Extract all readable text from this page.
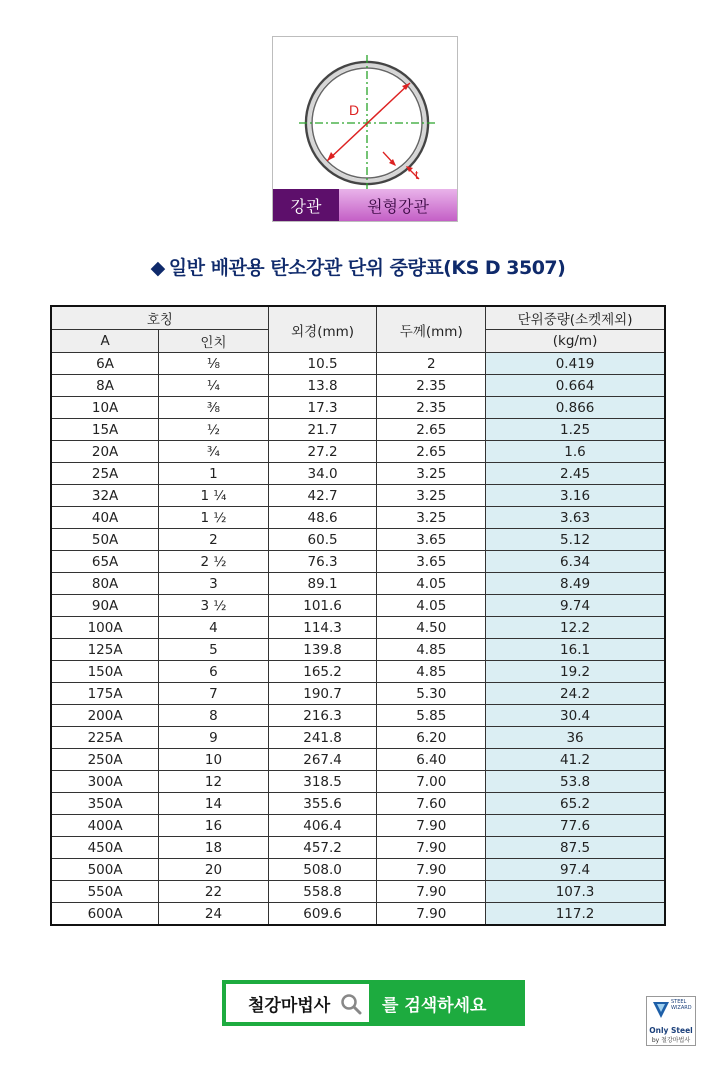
D
t
강관	원형강관
◆ 일반 배관용 탄소강관 단위 중량표(KS D 3507)
호칭		외경(mm)	두께(mm)	단위중량(소켓제외)
A	인치			(kg/m)
6A	⅛	10.5	2	0.419
8A	¼	13.8	2.35	0.664
10A	⅜	17.3	2.35	0.866
15A	½	21.7	2.65	1.25
20A	¾	27.2	2.65	1.6
25A	1	34.0	3.25	2.45
32A	1 ¼	42.7	3.25	3.16
40A	1 ½	48.6	3.25	3.63
50A	2	60.5	3.65	5.12
65A	2 ½	76.3	3.65	6.34
80A	3	89.1	4.05	8.49
90A	3 ½	101.6	4.05	9.74
100A	4	114.3	4.50	12.2
125A	5	139.8	4.85	16.1
150A	6	165.2	4.85	19.2
175A	7	190.7	5.30	24.2
200A	8	216.3	5.85	30.4
225A	9	241.8	6.20	36
250A	10	267.4	6.40	41.2
300A	12	318.5	7.00	53.8
350A	14	355.6	7.60	65.2
400A	16	406.4	7.90	77.6
450A	18	457.2	7.90	87.5
500A	20	508.0	7.90	97.4
550A	22	558.8	7.90	107.3
600A	24	609.6	7.90	117.2
철강마법사	를 검색하세요	STEEL
WIZARD
Only Steel
by 철강마법사
